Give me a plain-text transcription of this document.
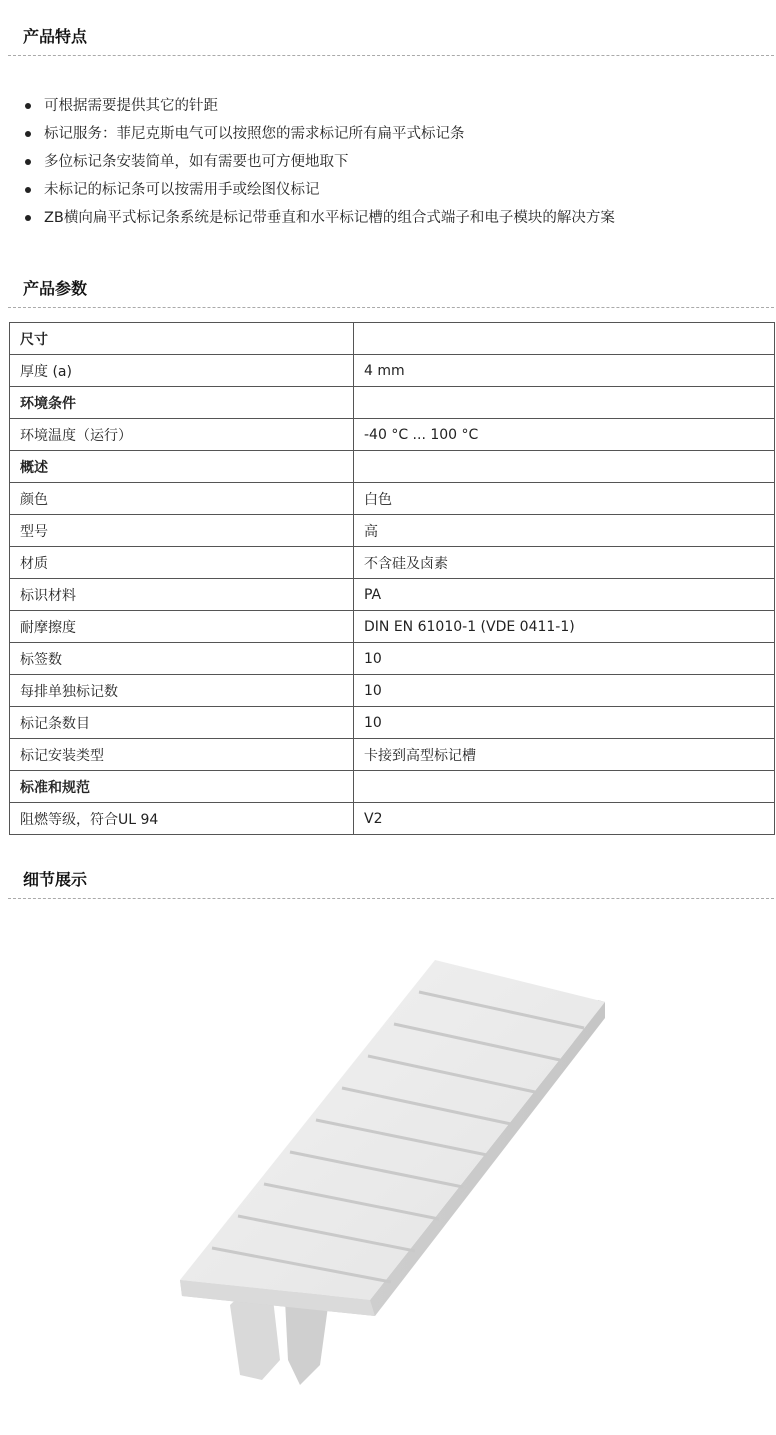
产品特点
可根据需要提供其它的针距
标记服务：菲尼克斯电气可以按照您的需求标记所有扁平式标记条
多位标记条安装简单，如有需要也可方便地取下
未标记的标记条可以按需用手或绘图仪标记
ZB横向扁平式标记条系统是标记带垂直和水平标记槽的组合式端子和电子模块的解决方案
产品参数
尺寸	
厚度 (a)	4 mm
环境条件	
环境温度（运行）	-40 °C ... 100 °C
概述	
颜色	白色
型号	高
材质	不含硅及卤素
标识材料	PA
耐摩擦度	DIN EN 61010-1 (VDE 0411-1)
标签数	10
每排单独标记数	10
标记条数目	10
标记安装类型	卡接到高型标记槽
标准和规范	
阻燃等级，符合UL 94	V2
细节展示
